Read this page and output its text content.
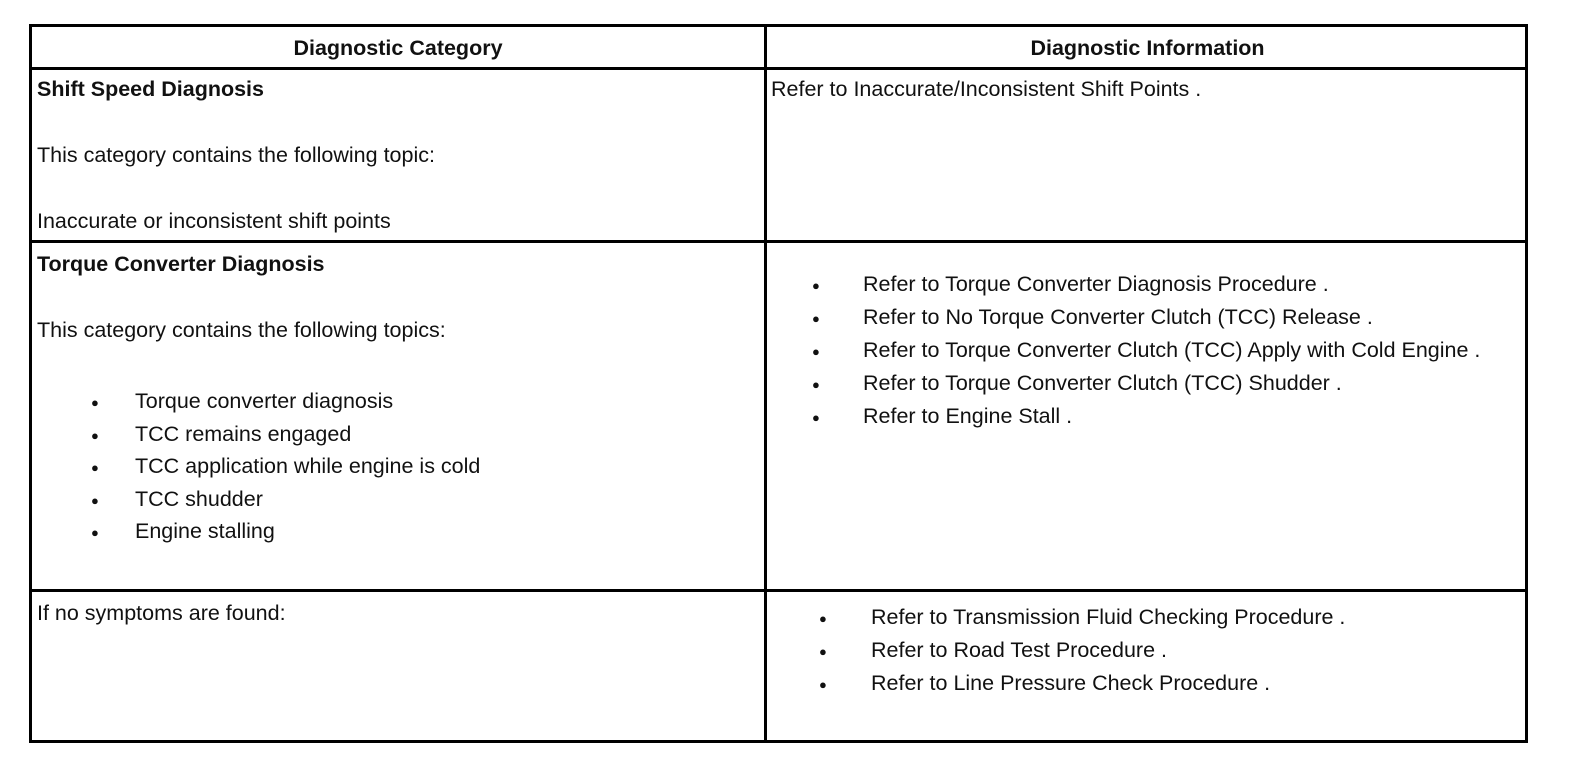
Diagnostic Category	Diagnostic Information

Shift Speed Diagnosis

This category contains the following topic:

Inaccurate or inconsistent shift points

Refer to Inaccurate/Inconsistent Shift Points .

Torque Converter Diagnosis

This category contains the following topics:

● Torque converter diagnosis
● TCC remains engaged
● TCC application while engine is cold
● TCC shudder
● Engine stalling
● Refer to Torque Converter Diagnosis Procedure .
● Refer to No Torque Converter Clutch (TCC) Release .
● Refer to Torque Converter Clutch (TCC) Apply with Cold Engine .
● Refer to Torque Converter Clutch (TCC) Shudder .
● Refer to Engine Stall .

If no symptoms are found:

●	Refer to Transmission Fluid Checking Procedure .
● Refer to Road Test Procedure .
● Refer to Line Pressure Check Procedure .
